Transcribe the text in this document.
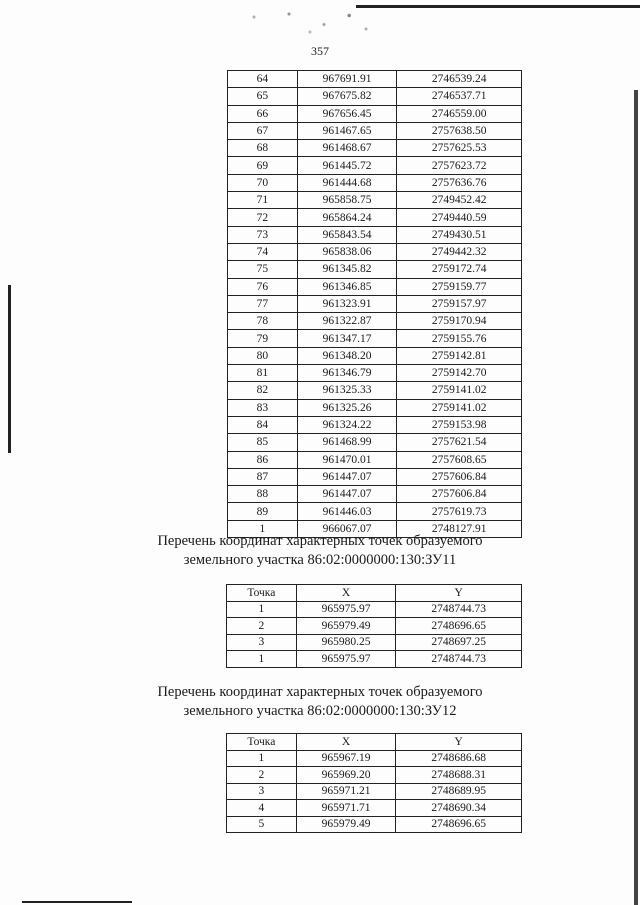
357
64	967691.91	2746539.24
65	967675.82	2746537.71
66	967656.45	2746559.00
67	961467.65	2757638.50
68	961468.67	2757625.53
69	961445.72	2757623.72
70	961444.68	2757636.76
71	965858.75	2749452.42
72	965864.24	2749440.59
73	965843.54	2749430.51
74	965838.06	2749442.32
75	961345.82	2759172.74
76	961346.85	2759159.77
77	961323.91	2759157.97
78	961322.87	2759170.94
79	961347.17	2759155.76
80	961348.20	2759142.81
81	961346.79	2759142.70
82	961325.33	2759141.02
83	961325.26	2759141.02
84	961324.22	2759153.98
85	961468.99	2757621.54
86	961470.01	2757608.65
87	961447.07	2757606.84
88	961447.07	2757606.84
89	961446.03	2757619.73
1	966067.07	2748127.91
Перечень координат характерных точек образуемого
земельного участка 86:02:0000000:130:ЗУ11
Точка	X	Y
1	965975.97	2748744.73
2	965979.49	2748696.65
3	965980.25	2748697.25
1	965975.97	2748744.73
Перечень координат характерных точек образуемого
земельного участка 86:02:0000000:130:ЗУ12
Точка	X	Y
1	965967.19	2748686.68
2	965969.20	2748688.31
3	965971.21	2748689.95
4	965971.71	2748690.34
5	965979.49	2748696.65
